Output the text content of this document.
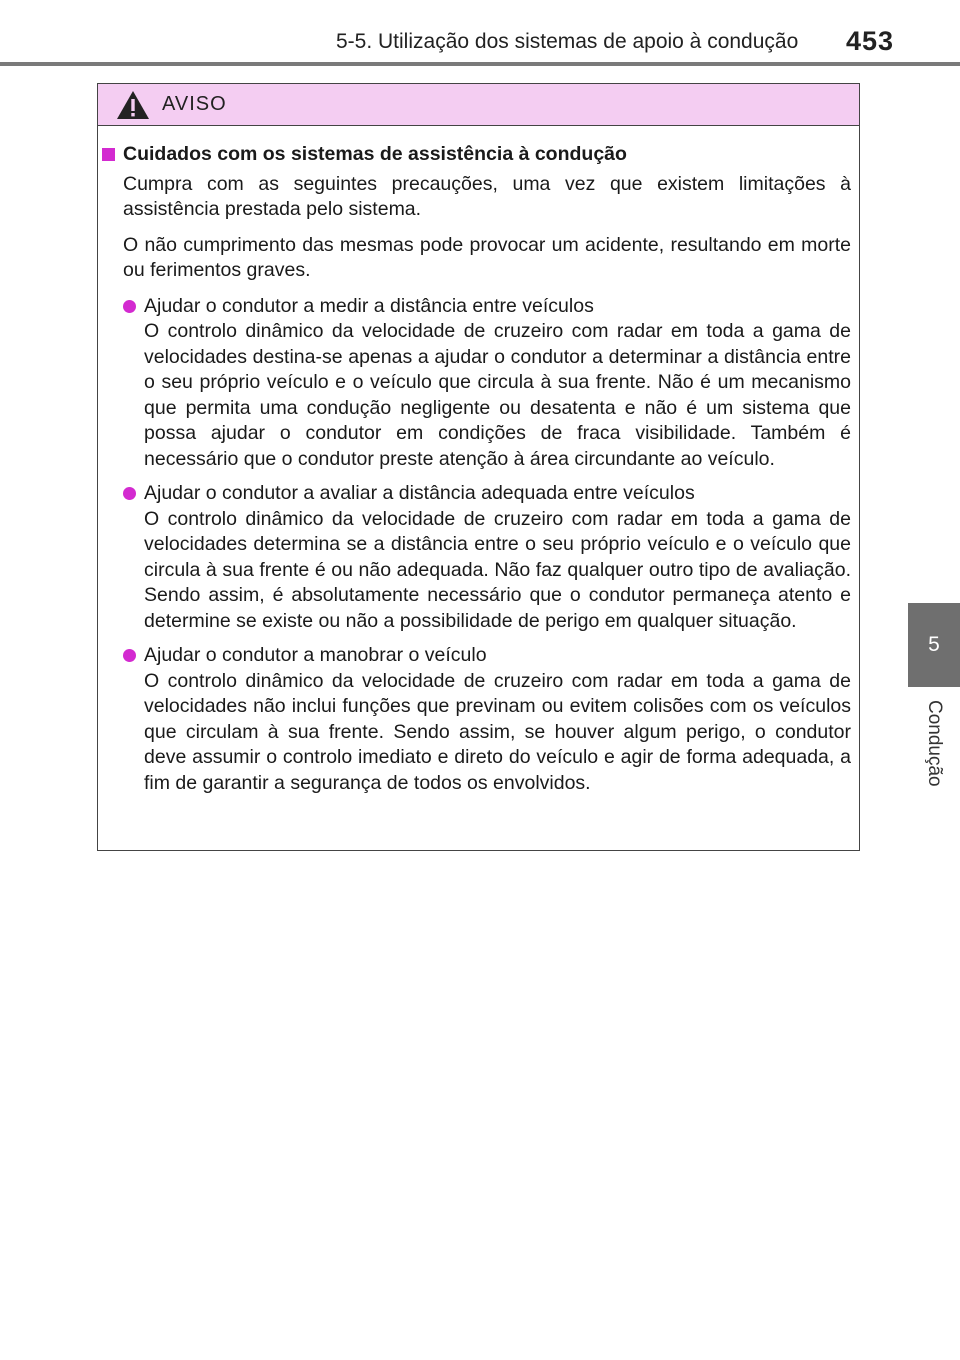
5-5. Utilização dos sistemas de apoio à condução 453
5
Condução
AVISO
Cuidados com os sistemas de assistência à condução

Cumpra com as seguintes precauções, uma vez que existem limitações à assistência prestada pelo sistema.

O não cumprimento das mesmas pode provocar um acidente, resultando em morte ou ferimentos graves.

Ajudar o condutor a medir a distância entre veículos
O controlo dinâmico da velocidade de cruzeiro com radar em toda a gama de velocidades destina-se apenas a ajudar o condutor a determinar a distância entre o seu próprio veículo e o veículo que circula à sua frente. Não é um mecanismo que permita uma condução negligente ou desatenta e não é um sistema que possa ajudar o condutor em condições de fraca visibilidade. Também é necessário que o condutor preste atenção à área circundante ao veículo.
Ajudar o condutor a avaliar a distância adequada entre veículos
O controlo dinâmico da velocidade de cruzeiro com radar em toda a gama de velocidades determina se a distância entre o seu próprio veículo e o veículo que circula à sua frente é ou não adequada. Não faz qualquer outro tipo de avaliação. Sendo assim, é absolutamente necessário que o condutor permaneça atento e determine se existe ou não a possibilidade de perigo em qualquer situação.
Ajudar o condutor a manobrar o veículo
O controlo dinâmico da velocidade de cruzeiro com radar em toda a gama de velocidades não inclui funções que previnam ou evitem colisões com os veículos que circulam à sua frente. Sendo assim, se houver algum perigo, o condutor deve assumir o controlo imediato e direto do veículo e agir de forma adequada, a fim de garantir a segurança de todos os envolvidos.
